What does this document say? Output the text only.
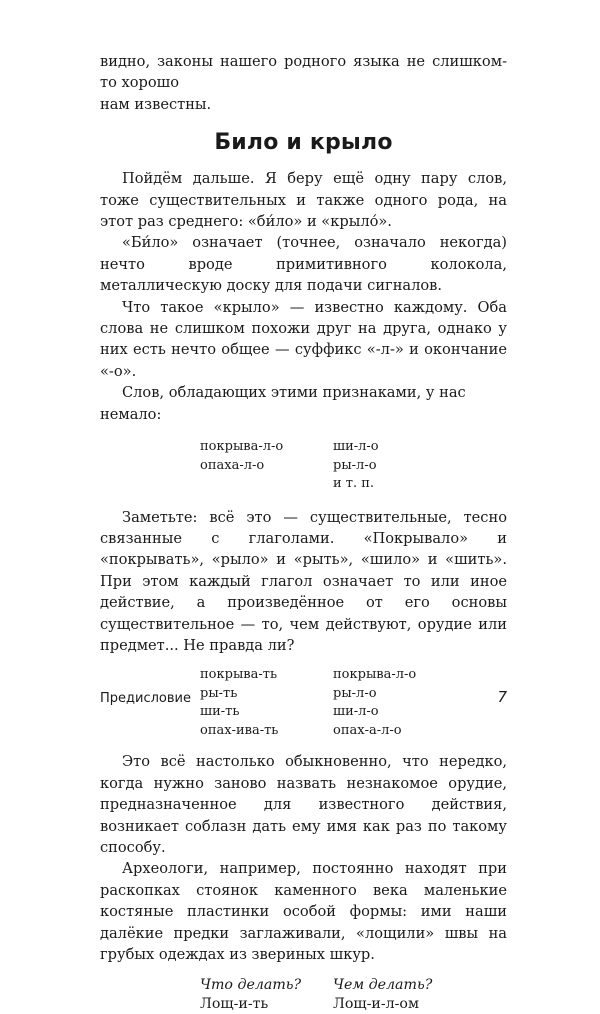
видно, законы нашего родного языка не слишком-то хорошо
нам известны.

Било и крыло

Пойдём дальше. Я беру ещё одну пару слов, тоже существительных и также одного рода, на этот раз среднего: «би́ло» и «крыло́».

«Би́ло» означает (точнее, означало некогда) нечто вроде примитивного колокола, металлическую доску для подачи сигналов.

Что такое «крыло» — известно каждому. Оба слова не слишком похожи друг на друга, однако у них есть нечто общее — суффикс «-л-» и окончание «-о».

Слов, обладающих этими признаками, у нас немало:

покрыва-л-о	ши-л-о
опаха-л-о	ры-л-о
и т. п.

Заметьте: всё это — существительные, тесно связанные с глаголами. «Покрывало» и «покрывать», «рыло» и «рыть», «шило» и «шить». При этом каждый глагол означает то или иное действие, а произведённое от его основы существительное — то, чем действуют, орудие или предмет... Не правда ли?

покрыва-ть	покрыва-л-о
ры-ть	ры-л-о
ши-ть	ши-л-о
опах-ива-ть	опах-а-л-о

Это всё настолько обыкновенно, что нередко, когда нужно заново назвать незнакомое орудие, предназначенное для известного действия, возникает соблазн дать ему имя как раз по такому способу.

Археологи, например, постоянно находят при раскопках стоянок каменного века маленькие костяные пластинки особой формы: ими наши далёкие предки заглаживали, «лощили» швы на грубых одеждах из звериных шкур.

Что делать?	Чем делать?
Лощ-и-ть	Лощ-и-л-ом
Предисловие	7
